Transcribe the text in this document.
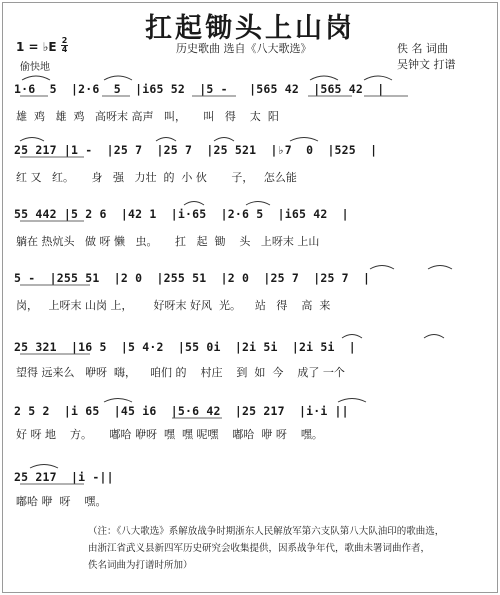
扛起锄头上山岗
历史歌曲 选自《八大歌选》	佚 名 词曲
吴钟文 打谱
1 = ♭E 2
4
偷快地
1·6  5  |2·6  5  |i65 52  |5 -   |565 42  |565 42  |
雄  鸡   雄  鸡   高呀末 高声   叫，     叫   得    太  阳
25 217 |1 -  |25 7  |25 7  |25 521  |♭7  0  |525  |
红 又   红。     身   强   力壮  的  小 伙       子，   怎么能
55 442 |5 2 6  |42 1  |i·65  |2·6 5  |i65 42  |
躺在 热炕头   做 呀 懒   虫。     扛   起  锄    头   上呀末 上山
5 -  |255 51  |2 0  |255 51  |2 0  |25 7  |25 7  |
岗，   上呀末 山岗 上，      好呀末 好风  光。    站   得    高  来
25 321  |16 5  |5 4·2  |55 0i  |2i 5i  |2i 5i  |
望得 远来么   咿呀  嗨，    咱们 的    村庄    到  如  今    成了 一个
2 5 2  |i 65  |45 i6  |5·6 42  |25 217  |i·i ||
好 呀 地    方。     嘟哈 咿呀  嘿  嘿 呢嘿    嘟哈  咿 呀    嘿。
25 217  |i -||
嘟哈 咿  呀    嘿。
（注：《八大歌选》系解放战争时期浙东人民解放军第六支队第八大队油印的歌曲选，
由浙江省武义县新四军历史研究会收集提供，因系战争年代，歌曲未署词曲作者，
佚名词曲为打谱时所加）
